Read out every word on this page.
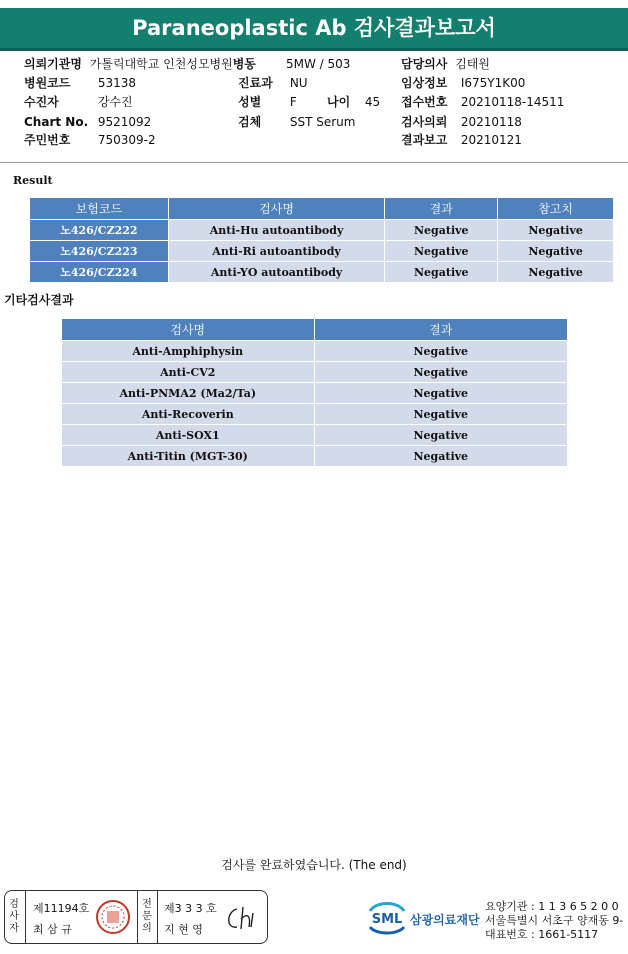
Paraneoplastic Ab 검사결과보고서
의뢰기관명 가톨릭대학교 인천성모병원병동	5MW / 503	담당의사 김태원
병원코드 53138	진료과 NU	임상정보 I675Y1K00
수진자	강수진	성별 F	나이 45 접수번호 20210118-14511
Chart No. 9521092	검체 SST Serum	검사의뢰 20210118
주민번호 750309-2	결과보고 20210121
Result
보험코드	검사명	결과	참고치
노426/CZ222	Anti-Hu autoantibody	Negative	Negative
노426/CZ223	Anti-Ri autoantibody	Negative	Negative
노426/CZ224	Anti-YO autoantibody	Negative	Negative
기타검사결과
검사명	결과
Anti-Amphiphysin	Negative
Anti-CV2	Negative
Anti-PNMA2 (Ma2/Ta)	Negative
Anti-Recoverin	Negative
Anti-SOX1	Negative
Anti-Titin (MGT-30)	Negative
검사를 완료하였습니다. (The end)
검사자
제11194호
최 삼 규
전문의
제3 3 3 호
지 현 영
SML 삼광의료재단
요양기관 : 1 1 3 6 5 2 0 0
서울특별시 서초구 양재동 9-
대표번호 : 1661-5117
